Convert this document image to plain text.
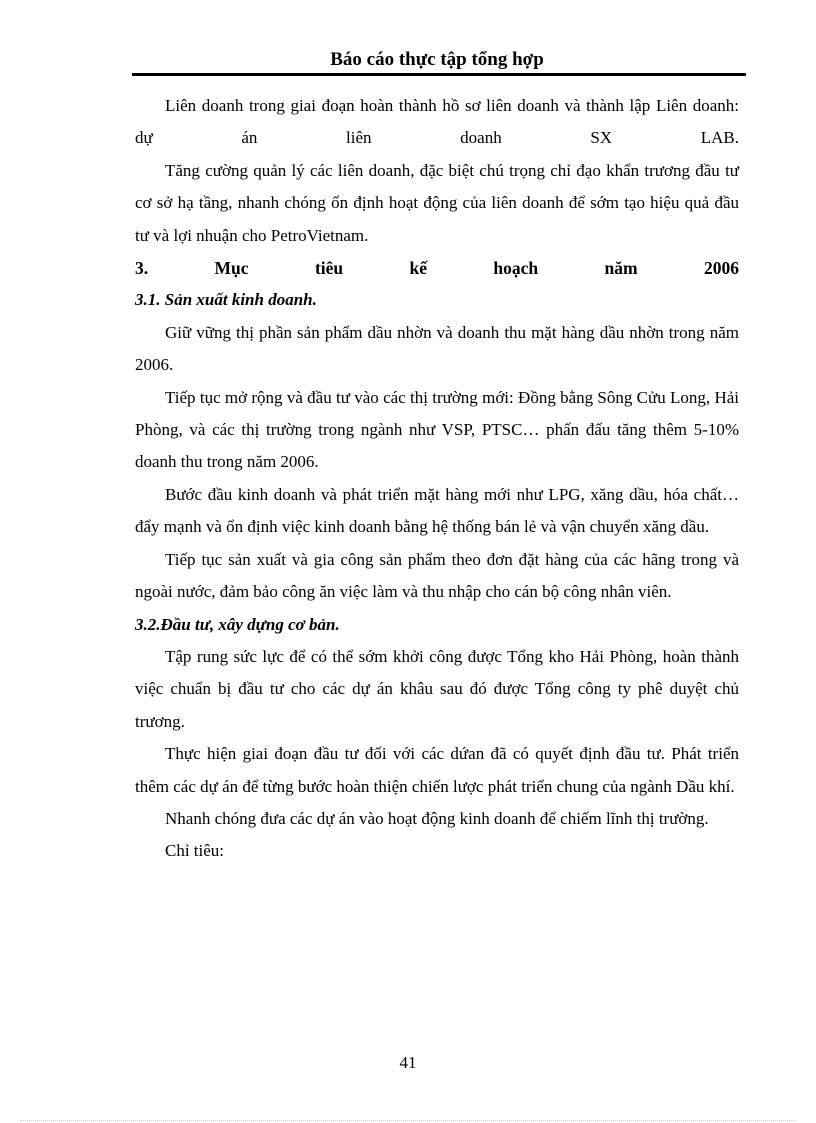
Báo cáo thực tập tổng hợp

Liên doanh trong giai đoạn hoàn thành hồ sơ liên doanh và thành lập Liên doanh: dự án liên doanh SX LAB.

Tăng cường quản lý các liên doanh, đặc biệt chú trọng chỉ đạo khẩn trương đầu tư cơ sở hạ tầng, nhanh chóng ổn định hoạt động của liên doanh để sớm tạo hiệu quả đầu tư và lợi nhuận cho PetroVietnam.

3.	Mục	tiêu	kế	hoạch	năm	2006

3.1. Sản xuất kinh doanh.

Giữ vững thị phần sản phẩm dầu nhờn và doanh thu mặt hàng dầu nhờn trong năm 2006.

Tiếp tục mở rộng và đầu tư vào các thị trường mới: Đồng bằng Sông Cửu Long, Hải Phòng, và các thị trường trong ngành như VSP, PTSC… phấn đấu tăng thêm 5-10% doanh thu trong năm 2006.

Bước đầu kinh doanh và phát triển mặt hàng mới như LPG, xăng dầu, hóa chất… đẩy mạnh và ổn định việc kinh doanh bằng hệ thống bán lẻ và vận chuyển xăng dầu.

Tiếp tục sản xuất và gia công sản phẩm theo đơn đặt hàng của các hãng trong và ngoài nước, đảm bảo công ăn việc làm và thu nhập cho cán bộ công nhân viên.

3.2.Đầu tư, xây dựng cơ bản.

Tập rung sức lực để có thể sớm khởi công được Tổng kho Hải Phòng, hoàn thành việc chuẩn bị đầu tư cho các dự án khâu sau đó được Tổng công ty phê duyệt chủ trương.

Thực hiện giai đoạn đầu tư đối với các dứan đã có quyết định đầu tư. Phát triển thêm các dự án để từng bước hoàn thiện chiến lược phát triển chung của ngành Dầu khí.

Nhanh chóng đưa các dự án vào hoạt động kinh doanh để chiếm lĩnh thị trường.

Chỉ tiêu:

41
